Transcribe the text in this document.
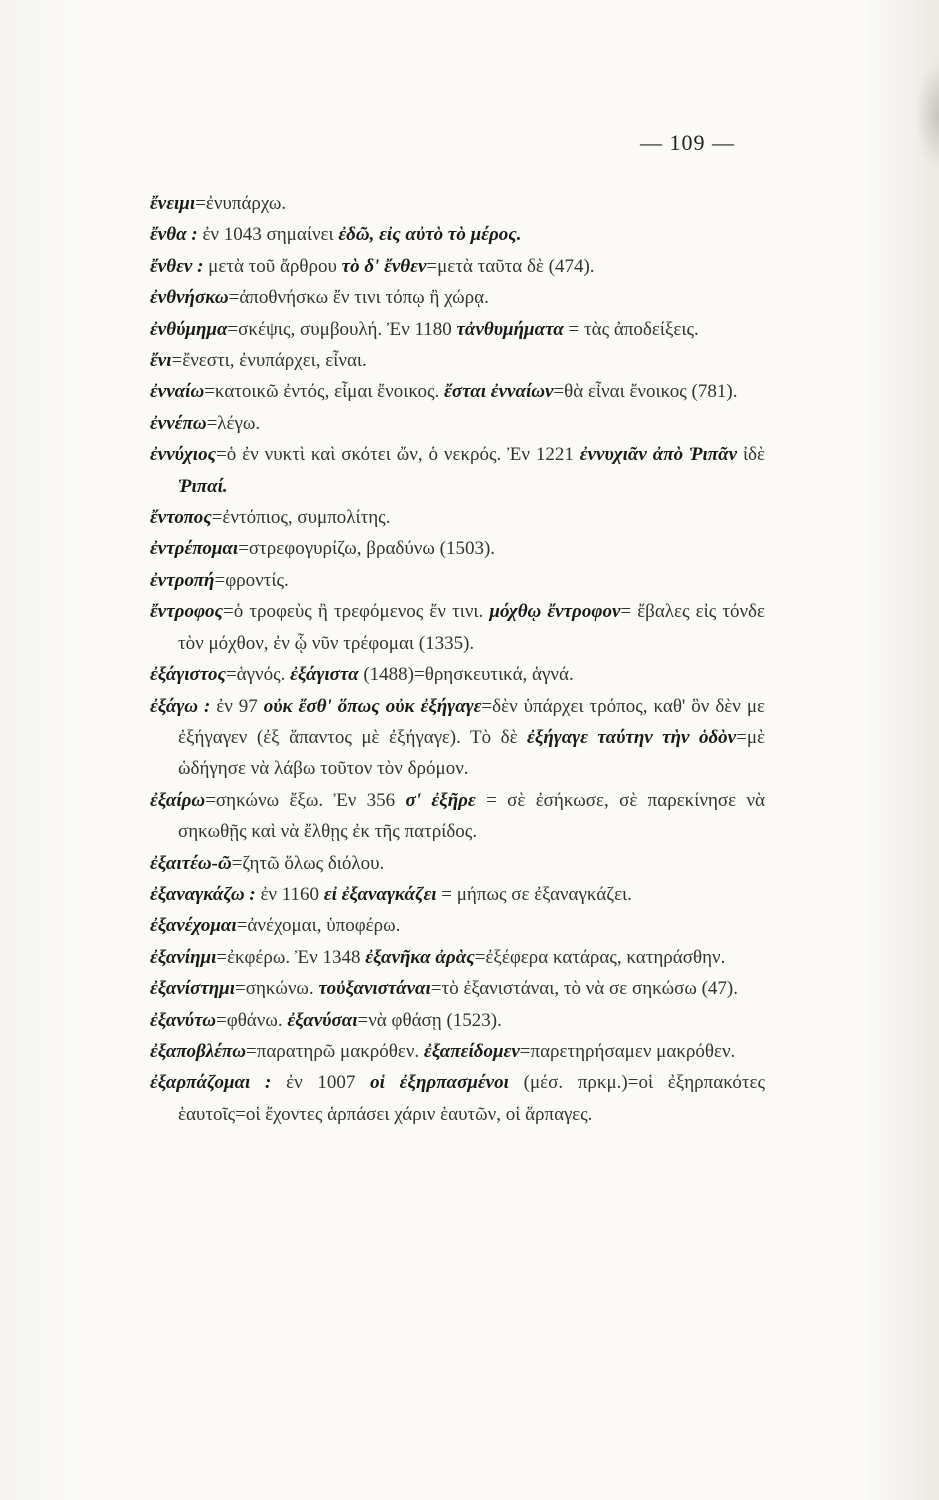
— 109 —

ἔνειμι=ἐνυπάρχω.

ἔνθα : ἐν 1043 σημαίνει ἐδῶ, εἰς αὐτὸ τὸ μέρος.

ἔνθεν : μετὰ τοῦ ἄρθρου τὸ δ' ἔνθεν=μετὰ ταῦτα δὲ (474).

ἐνθνήσκω=ἀποθνήσκω ἔν τινι τόπῳ ἢ χώρᾳ.

ἐνθύμημα=σκέψις, συμβουλή. Ἐν 1180 τἀνθυμήματα = τὰς ἀποδείξεις.

ἔνι=ἔνεστι, ἐνυπάρχει, εἶναι.

ἐνναίω=κατοικῶ ἐντός, εἶμαι ἔνοικος. ἔσται ἐνναίων=θὰ εἶναι ἔνοικος (781).

ἐννέπω=λέγω.

ἐννύχιος=ὁ ἐν νυκτὶ καὶ σκότει ὤν, ὁ νεκρός. Ἐν 1221 ἐννυχιᾶν ἀπὸ Ῥιπᾶν ἰδὲ Ῥιπαί.

ἔντοπος=ἐντόπιος, συμπολίτης.

ἐντρέπομαι=στρεφογυρίζω, βραδύνω (1503).

ἐντροπή=φροντίς.

ἔντροφος=ὁ τροφεὺς ἢ τρεφόμενος ἔν τινι. μόχθῳ ἔντροφον= ἔβαλες εἰς τόνδε τὸν μόχθον, ἐν ᾧ νῦν τρέφομαι (1335).

ἐξάγιστος=ἁγνός. ἐξάγιστα (1488)=θρησκευτικά, ἁγνά.

ἐξάγω : ἐν 97 οὐκ ἔσθ' ὅπως οὐκ ἐξήγαγε=δὲν ὑπάρχει τρόπος, καθ' ὃν δὲν με ἐξήγαγεν (ἐξ ἅπαντος μὲ ἐξήγαγε). Τὸ δὲ ἐξήγαγε ταύτην τὴν ὁδὸν=μὲ ὡδήγησε νὰ λάβω τοῦτον τὸν δρόμον.

ἐξαίρω=σηκώνω ἔξω. Ἐν 356 σ' ἐξῆρε = σὲ ἐσήκωσε, σὲ παρεκίνησε νὰ σηκωθῇς καὶ νὰ ἔλθῃς ἐκ τῆς πατρίδος.

ἐξαιτέω-ῶ=ζητῶ ὅλως διόλου.

ἐξαναγκάζω : ἐν 1160 εἰ ἐξαναγκάζει = μήπως σε ἐξαναγκάζει.

ἐξανέχομαι=ἀνέχομαι, ὑποφέρω.

ἐξανίημι=ἐκφέρω. Ἐν 1348 ἐξανῆκα ἀρὰς=ἐξέφερα κατάρας, κατηράσθην.

ἐξανίστημι=σηκώνω. τοὐξανιστάναι=τὸ ἐξανιστάναι, τὸ νὰ σε σηκώσω (47).

ἐξανύτω=φθάνω. ἐξανύσαι=νὰ φθάσῃ (1523).

ἐξαποβλέπω=παρατηρῶ μακρόθεν. ἐξαπείδομεν=παρετηρήσαμεν μακρόθεν.

ἐξαρπάζομαι : ἐν 1007 οἱ ἐξηρπασμένοι (μέσ. πρκμ.)=οἱ ἐξηρπακότες ἑαυτοῖς=οἱ ἔχοντες ἁρπάσει χάριν ἑαυτῶν, οἱ ἅρπαγες.
